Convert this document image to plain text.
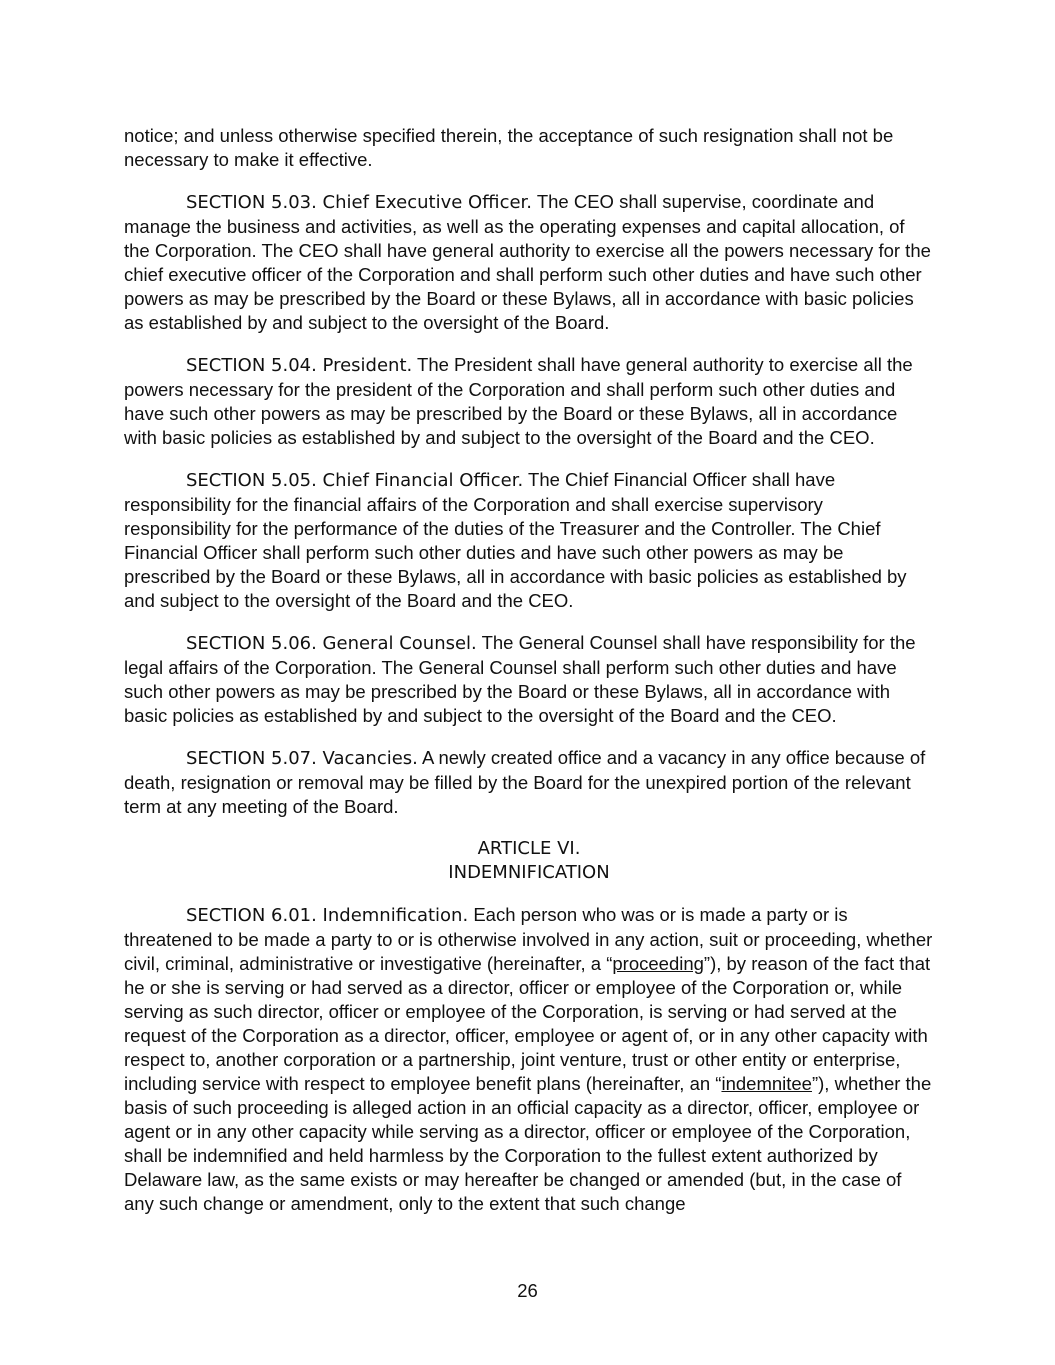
notice; and unless otherwise specified therein, the acceptance of such resignation shall not be necessary to make it effective.

SECTION 5.03. Chief Executive Officer. The CEO shall supervise, coordinate and manage the business and activities, as well as the operating expenses and capital allocation, of the Corporation. The CEO shall have general authority to exercise all the powers necessary for the chief executive officer of the Corporation and shall perform such other duties and have such other powers as may be prescribed by the Board or these Bylaws, all in accordance with basic policies as established by and subject to the oversight of the Board.

SECTION 5.04. President. The President shall have general authority to exercise all the powers necessary for the president of the Corporation and shall perform such other duties and have such other powers as may be prescribed by the Board or these Bylaws, all in accordance with basic policies as established by and subject to the oversight of the Board and the CEO.

SECTION 5.05. Chief Financial Officer. The Chief Financial Officer shall have responsibility for the financial affairs of the Corporation and shall exercise supervisory responsibility for the performance of the duties of the Treasurer and the Controller. The Chief Financial Officer shall perform such other duties and have such other powers as may be prescribed by the Board or these Bylaws, all in accordance with basic policies as established by and subject to the oversight of the Board and the CEO.

SECTION 5.06. General Counsel. The General Counsel shall have responsibility for the legal affairs of the Corporation. The General Counsel shall perform such other duties and have such other powers as may be prescribed by the Board or these Bylaws, all in accordance with basic policies as established by and subject to the oversight of the Board and the CEO.

SECTION 5.07. Vacancies. A newly created office and a vacancy in any office because of death, resignation or removal may be filled by the Board for the unexpired portion of the relevant term at any meeting of the Board.

ARTICLE VI.
INDEMNIFICATION

SECTION 6.01. Indemnification. Each person who was or is made a party or is threatened to be made a party to or is otherwise involved in any action, suit or proceeding, whether civil, criminal, administrative or investigative (hereinafter, a “proceeding”), by reason of the fact that he or she is serving or had served as a director, officer or employee of the Corporation or, while serving as such director, officer or employee of the Corporation, is serving or had served at the request of the Corporation as a director, officer, employee or agent of, or in any other capacity with respect to, another corporation or a partnership, joint venture, trust or other entity or enterprise, including service with respect to employee benefit plans (hereinafter, an “indemnitee”), whether the basis of such proceeding is alleged action in an official capacity as a director, officer, employee or agent or in any other capacity while serving as a director, officer or employee of the Corporation, shall be indemnified and held harmless by the Corporation to the fullest extent authorized by Delaware law, as the same exists or may hereafter be changed or amended (but, in the case of any such change or amendment, only to the extent that such change

26
